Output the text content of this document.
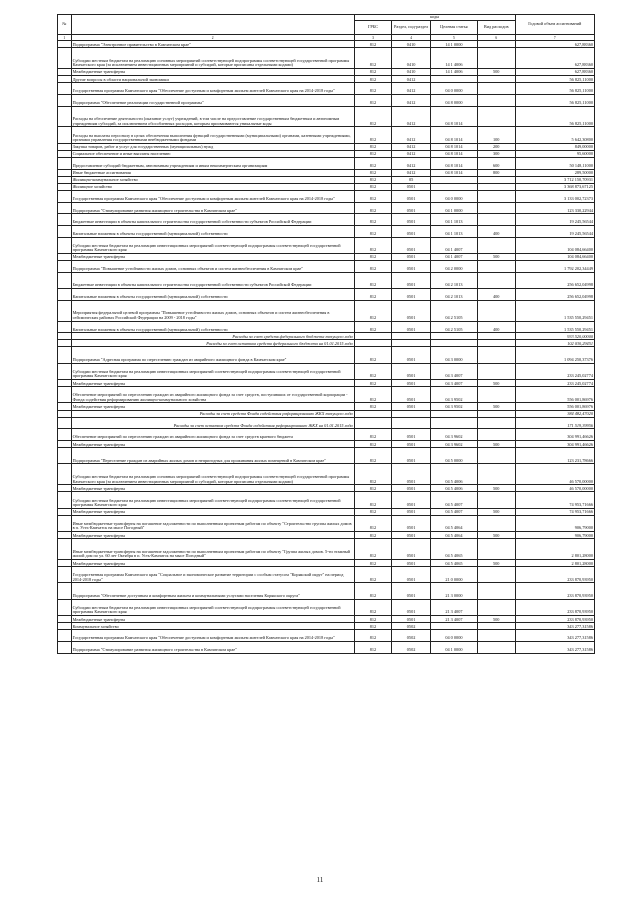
№		коды				Годовой объем ассигнований
		ГРБС	Раздел, под-раздел	Целевая статья	Вид расходов	
1	2	3	4	5	6	7
	Подпрограмма "Электронное правительство в Камчатском крае"	812	0410	14 1 0000		627,88360
	Субсидии местным бюджетам на реализацию основных мероприятий соответствующей подпрограммы соответствующей государственной программы Камчатского края (за исключением инвестиционных мероприятий и субсидий, которые прописаны отдельными кодами)	812	0410	14 1 4006		627,88360
	Межбюджетные трансферты	812	0410	14 1 4006	500	627,88360
	Другие вопросы в области национальной экономики	812	0412			56 825,11000
	Государственная программа Камчатского края "Обеспечение доступным и комфортным жильем жителей Камчатского края на 2014-2018 годы"	812	0412	04 0 0000		56 825,11000
	Подпрограмма "Обеспечение реализации государственной программы"	812	0412	04 8 0000		56 825,11000
	Расходы на обеспечение деятельности (оказание услуг) учреждений, в том числе на предоставление государственным бюджетным и автономным учреждениям субсидий, за исключением обособленных расходов, которым присваиваются уникальные коды	812	0412	04 8 1014		56 825,11000
	Расходы на выплаты персоналу в целях обеспечения выполнения функций государственными (муниципальными) органами, казенными учреждениями, органами управления государственными внебюджетными фондами	812	0412	04 8 1014	100	5 642,30800
	Закупка товаров, работ и услуг для государственных (муниципальных) нужд	812	0412	04 8 1014	200	849,00000
	Социальное обеспечение и иные выплаты населению	812	0412	04 8 1014	300	95,60000
	Предоставление субсидий бюджетным, автономным учреждениям и иным некоммерческим организациям	812	0412	04 8 1014	600	50 148,11000
	Иные бюджетные ассигнования	812	0412	04 8 1014	800	289,50000
	Жилищно-коммунальное хозяйство	812	05			3 712 150,70931
	Жилищное хозяйство	812	0501			3 368 873,67125
	Государственная программа Камчатского края "Обеспечение доступным и комфортным жильем жителей Камчатского края на 2014-2018 годы"	812	0501	04 0 0000		3 133 002,72373
	Подпрограмма "Стимулирование развития жилищного строительства в Камчатском крае"	812	0501	04 1 0000		123 330,22944
	Бюджетные инвестиции в объекты капитального строительства государственной собственности субъектов Российской Федерации	812	0501	04 1 1013		19 245,56544
	Капитальные вложения в объекты государственной (муниципальной) собственности	812	0501	04 1 1013	400	19 245,56544
	Субсидии местным бюджетам на реализацию инвестиционных мероприятий соответствующей подпрограммы соответствующей государственной программы Камчатского края	812	0501	04 1 4007		104 084,66400
	Межбюджетные трансферты	812	0501	04 1 4007	500	104 084,66400
	Подпрограмма "Повышение устойчивости жилых домов, основных объектов и систем жизнеобеспечения в Камчатском крае"	812	0501	04 2 0000		1 792 202,34449
	Бюджетные инвестиции в объекты капитального строительства государственной собственности субъектов Российской Федерации	812	0501	04 2 1013		256 652,04998
	Капитальные вложения в объекты государственной (муниципальной) собственности	812	0501	04 2 1013	400	256 652,04998
	Мероприятия федеральной целевой программы "Повышение устойчивости жилых домов, основных объектов и систем жизнеобеспечения в сейсмических районах Российской Федерации на 2009 - 2018 годы"	812	0501	04 2 5105		1 535 550,29451
	Капитальные вложения в объекты государственной (муниципальной) собственности	812	0501	04 2 5105	400	1 535 550,29451
	Расходы за счет средств федерального бюджета текущего года					933 520,00000
	Расходы за счет остатков средств федерального бюджета на 01.01.2015 года					102 030,29451
	Подпрограмма "Адресная программа по переселению граждан из аварийного жилищного фонда в Камчатском крае"	812	0501	04 3 0000		1 094 250,37376
	Субсидии местным бюджетам на реализацию инвестиционных мероприятий соответствующей подпрограммы соответствующей государственной программы Камчатского края	812	0501	04 3 4007		233 245,02774
	Межбюджетные трансферты	812	0501	04 3 4007	500	233 245,02774
	Обеспечение мероприятий по переселению граждан из аварийного жилищного фонда за счет средств, поступивших от государственной корпорации - Фонда содействия реформированию жилищно-коммунального хозяйства	812	0501	04 3 9502		556 001,86976
	Межбюджетные трансферты	812	0501	04 3 9502	500	556 001,86976
	Расходы за счет средств Фонда содействия реформированию ЖКХ текущего года					384 482,47020
	Расходы за счет остатков средств Фонда содействия реформированию ЖКХ на 01.01.2015 года					171 519,39956
	Обеспечение мероприятий по переселению граждан из аварийного жилищного фонда за счет средств краевого бюджета	812	0501	04 3 9602		304 991,46626
	Межбюджетные трансферты	812	0501	04 3 9602	500	304 991,46626
	Подпрограмма "Переселение граждан из аварийных жилых домов и непригодных для проживания жилых помещений в Камчатском крае"	812	0501	04 5 0000		123 231,78666
	Субсидии местным бюджетам на реализацию основных мероприятий соответствующей подпрограммы соответствующей государственной программы Камчатского края (за исключением инвестиционных мероприятий и субсидий, которые прописаны отдельными кодами)	812	0501	04 5 4006		46 570,00000
	Межбюджетные трансферты	812	0501	04 5 4006	500	46 570,00000
	Субсидии местным бюджетам на реализацию инвестиционных мероприятий соответствующей подпрограммы соответствующей государственной программы Камчатского края	812	0501	04 5 4007		74 953,71666
	Межбюджетные трансферты	812	0501	04 5 4007	500	74 953,71666
	Иные межбюджетные трансферты на погашение задолженности по выполненным проектным работам по объекту "Строительство группы жилых домов в п. Усть-Камчатск на мысе Погодный"	812	0501	04 5 4064		906,79000
	Межбюджетные трансферты	812	0501	04 5 4064	500	906,79000
	Иные межбюджетные трансферты на погашение задолженности по выполненным проектным работам по объекту "Группа жилых домов. 5-ти этажный жилой дом по ул. 60 лет Октября в п. Усть-Камчатск на мысе Погодный"	812	0501	04 5 4065		2 801,28000
	Межбюджетные трансферты	812	0501	04 5 4065	500	2 801,28000
	Государственная программа Камчатского края "Социальное и экономическое развитие территории с особым статусом "Корякский округ" на период 2014-2018 годы"	812	0501	21 0 0000		233 870,93950
	Подпрограмма "Обеспечение доступным и комфортным жильем и коммунальными услугами населения Корякского округа"	812	0501	21 3 0000		233 870,93950
	Субсидии местным бюджетам на реализацию инвестиционных мероприятий соответствующей подпрограммы соответствующей государственной программы Камчатского края	812	0501	21 3 4007		233 870,93950
	Межбюджетные трансферты	812	0501	21 3 4007	500	233 870,93950
	Коммунальное хозяйство	812	0502			343 277,31586
	Государственная программа Камчатского края "Обеспечение доступным и комфортным жильем жителей Камчатского края на 2014-2018 годы"	812	0502	04 0 0000		343 277,31586
	Подпрограмма "Стимулирование развития жилищного строительства в Камчатском крае"	812	0502	04 1 0000		343 277,31586
11
